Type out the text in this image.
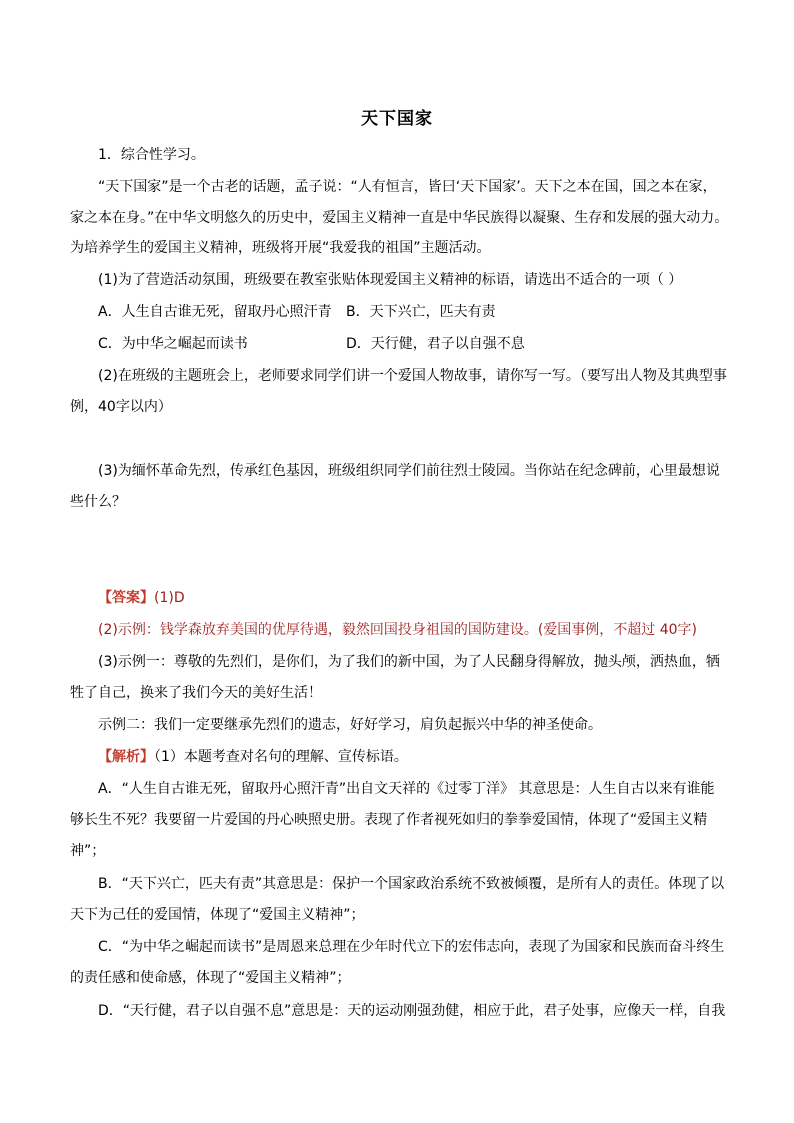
天下国家
1．综合性学习。
“天下国家”是一个古老的话题，孟子说：“人有恒言，皆曰‘天下国家’。天下之本在国，国之本在家，
家之本在身。”在中华文明悠久的历史中，爱国主义精神一直是中华民族得以凝聚、生存和发展的强大动力。
为培养学生的爱国主义精神，班级将开展“我爱我的祖国”主题活动。
(1)为了营造活动氛围，班级要在教室张贴体现爱国主义精神的标语，请选出不适合的一项（ ）
A．人生自古谁无死，留取丹心照汗青 B．天下兴亡，匹夫有责
C．为中华之崛起而读书	D．天行健，君子以自强不息
(2)在班级的主题班会上，老师要求同学们讲一个爱国人物故事，请你写一写。（要写出人物及其典型事
例，40字以内）
(3)为缅怀革命先烈，传承红色基因，班级组织同学们前往烈士陵园。当你站在纪念碑前，心里最想说
些什么？
【答案】(1)D
(2)示例：钱学森放弃美国的优厚待遇，毅然回国投身祖国的国防建设。(爱国事例，不超过 40字)
(3)示例一：尊敬的先烈们，是你们，为了我们的新中国，为了人民翻身得解放，抛头颅，洒热血，牺
牲了自己，换来了我们今天的美好生活！
示例二：我们一定要继承先烈们的遗志，好好学习，肩负起振兴中华的神圣使命。
【解析】（1）本题考查对名句的理解、宣传标语。
A．“人生自古谁无死，留取丹心照汗青”出自文天祥的《过零丁洋》 其意思是：人生自古以来有谁能
够长生不死？我要留一片爱国的丹心映照史册。表现了作者视死如归的拳拳爱国情，体现了“爱国主义精
神”；
B．“天下兴亡，匹夫有责”其意思是：保护一个国家政治系统不致被倾覆，是所有人的责任。体现了以
天下为己任的爱国情，体现了“爱国主义精神”；
C．“为中华之崛起而读书”是周恩来总理在少年时代立下的宏伟志向，表现了为国家和民族而奋斗终生
的责任感和使命感，体现了“爱国主义精神”；
D．“天行健，君子以自强不息”意思是：天的运动刚强劲健，相应于此，君子处事，应像天一样，自我
